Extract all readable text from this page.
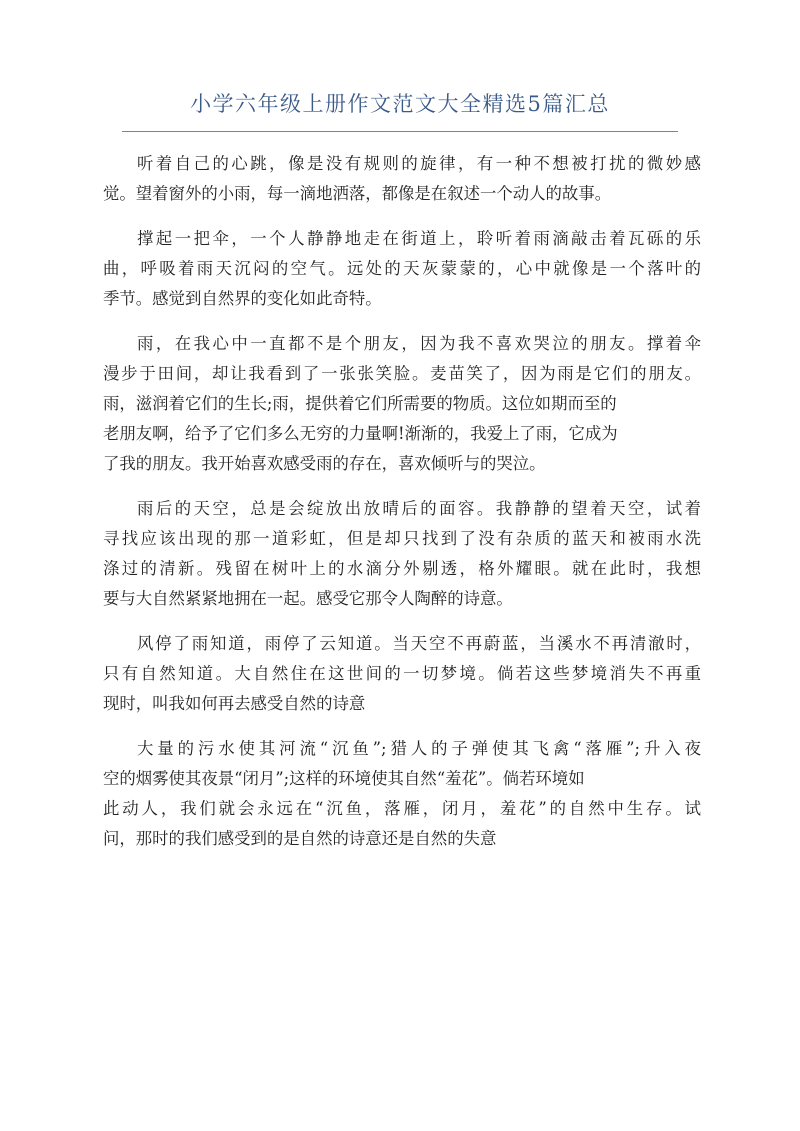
小学六年级上册作文范文大全精选5篇汇总

听着自己的心跳，像是没有规则的旋律，有一种不想被打扰的微妙感
觉。望着窗外的小雨，每一滴地洒落，都像是在叙述一个动人的故事。

撑起一把伞，一个人静静地走在街道上，聆听着雨滴敲击着瓦砾的乐
曲，呼吸着雨天沉闷的空气。远处的天灰蒙蒙的，心中就像是一个落叶的
季节。感觉到自然界的变化如此奇特。

雨，在我心中一直都不是个朋友，因为我不喜欢哭泣的朋友。撑着伞
漫步于田间，却让我看到了一张张笑脸。麦苗笑了，因为雨是它们的朋友。
雨，滋润着它们的生长;雨，提供着它们所需要的物质。这位如期而至的
老朋友啊，给予了它们多么无穷的力量啊!渐渐的，我爱上了雨，它成为
了我的朋友。我开始喜欢感受雨的存在，喜欢倾听与的哭泣。

雨后的天空，总是会绽放出放晴后的面容。我静静的望着天空，试着
寻找应该出现的那一道彩虹，但是却只找到了没有杂质的蓝天和被雨水洗
涤过的清新。残留在树叶上的水滴分外剔透，格外耀眼。就在此时，我想
要与大自然紧紧地拥在一起。感受它那令人陶醉的诗意。

风停了雨知道，雨停了云知道。当天空不再蔚蓝，当溪水不再清澈时，
只有自然知道。大自然住在这世间的一切梦境。倘若这些梦境消失不再重
现时，叫我如何再去感受自然的诗意

大量的污水使其河流“沉鱼”;猎人的子弹使其飞禽“落雁”;升入夜
空的烟雾使其夜景“闭月”;这样的环境使其自然“羞花”。倘若环境如
此动人，我们就会永远在“沉鱼，落雁，闭月，羞花”的自然中生存。试
问，那时的我们感受到的是自然的诗意还是自然的失意
